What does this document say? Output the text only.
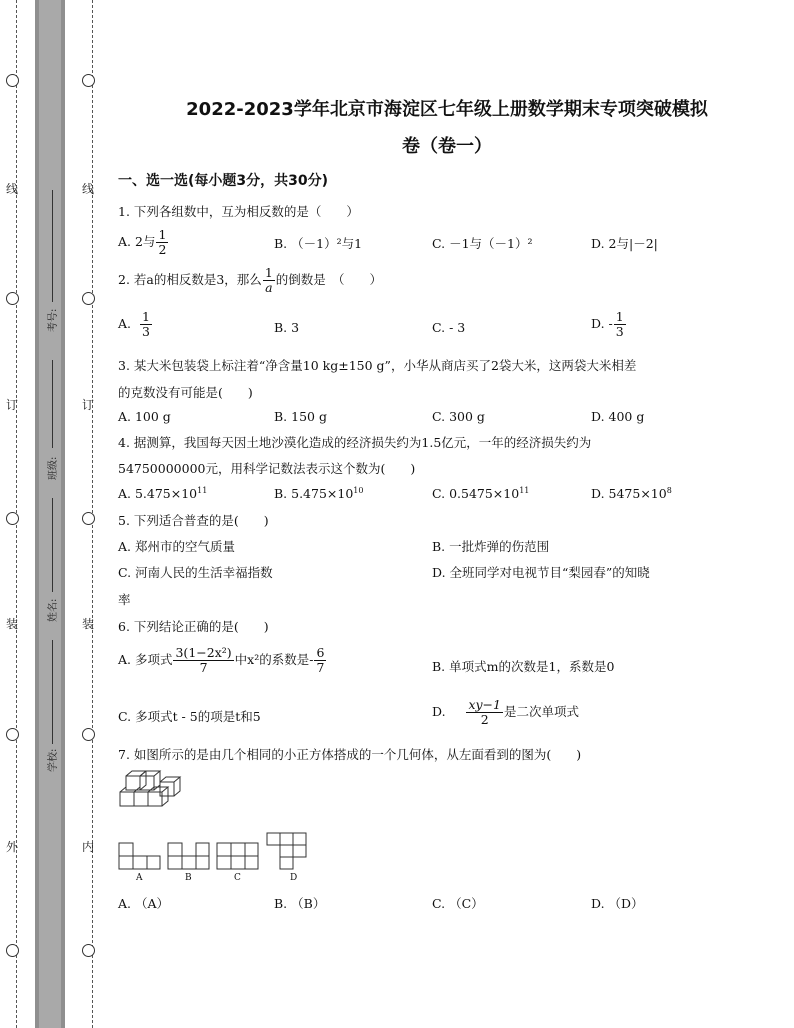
线
订
装
外
线
订
装
内
考号:
班级:
姓名:
学校:
2022-2023学年北京市海淀区七年级上册数学期末专项突破模拟
卷（卷一）
一、选一选(每小题3分，共30分)
1. 下列各组数中，互为相反数的是（　　）
A. 2与 $\frac{1}{2}$	B. （－1）²与1	C. －1与（－1）²	D. 2与|－2|
2. 若a的相反数是3，那么 $\frac{1}{a}$ 的倒数是　（　　）
A. $\frac{1}{3}$	B. 3	C. - 3	D. - $\frac{1}{3}$
3. 某大米包装袋上标注着“净含量10 kg±150 g”，小华从商店买了2袋大米，这两袋大米相差
的克数没有可能是(　　)
A. 100 g	B. 150 g	C. 300 g	D. 400 g
4. 据测算，我国每天因土地沙漠化造成的经济损失约为1.5亿元，一年的经济损失约为
54750000000元，用科学记数法表示这个数为(　　)
A. $5.475\times 10^{11}$	B. $5.475\times 10^{10}$	C. $0.5475\times 10^{11}$	D. $5475\times 10^8$
5. 下列适合普查的是(　　)
A. 郑州市的空气质量	B. 一批炸弹的伤范围
C. 河南人民的生活幸福指数	D. 全班同学对电视节目“梨园春”的知晓
率
6. 下列结论正确的是(　　)
A. 多项式 $\frac{\text{3(1−2x²)}}{7}$ 中x²的系数是- $\frac{6}{7}$	B. 单项式m的次数是1，系数是0
C. 多项式t - 5的项是t和5	D. $\frac{xy-1}{2}$ 是二次单项式
7. 如图所示的是由几个相同的小正方体搭成的一个几何体，从左面看到的图为(　　)
A	B	C	D
A. （A）	B. （B）	C. （C）	D. （D）
